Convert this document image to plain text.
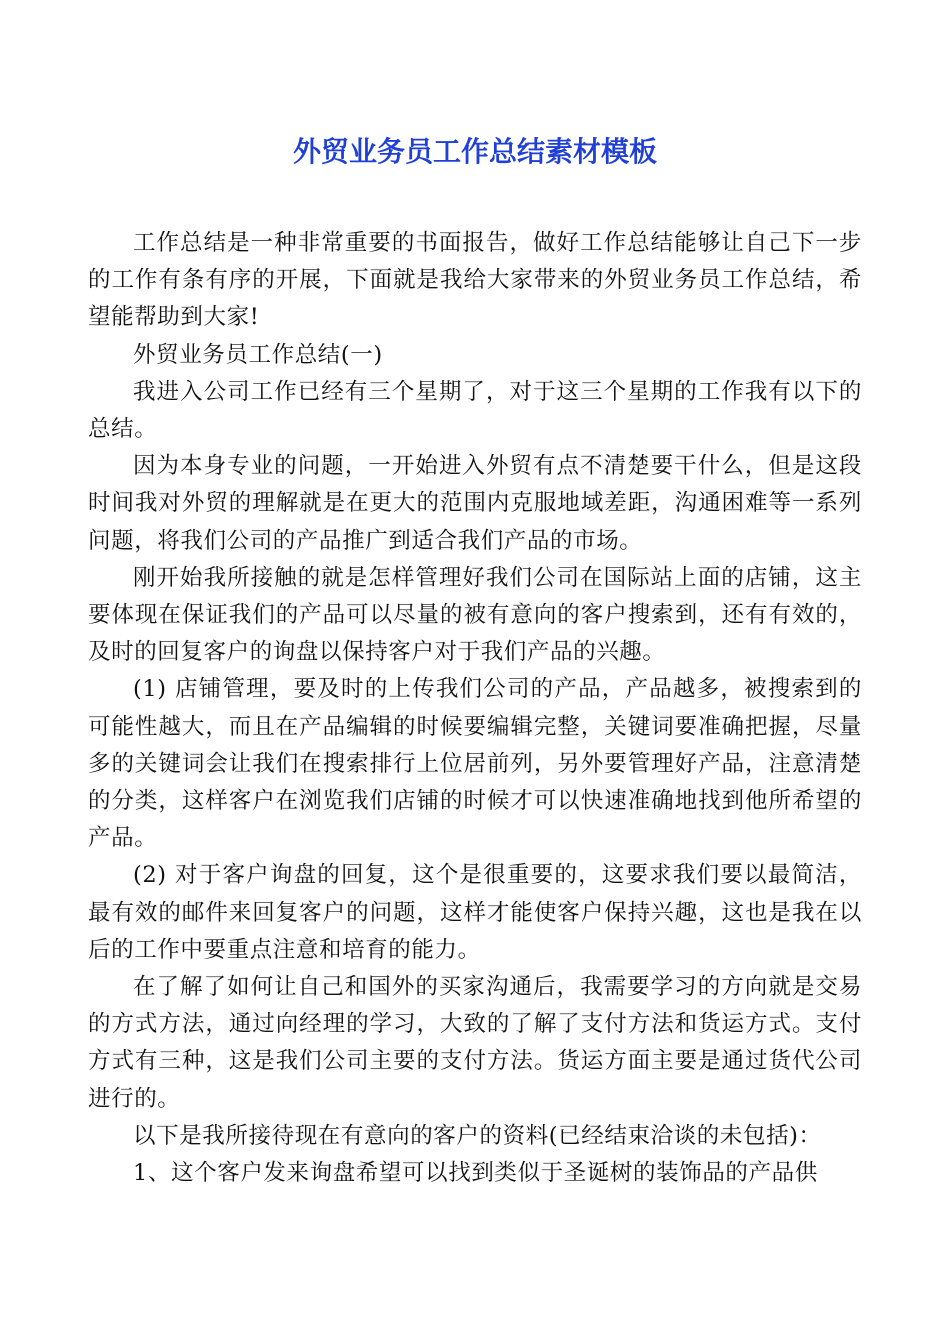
外贸业务员工作总结素材模板

工作总结是一种非常重要的书面报告，做好工作总结能够让自己下一步的工作有条有序的开展，下面就是我给大家带来的外贸业务员工作总结，希望能帮助到大家!

外贸业务员工作总结(一)

我进入公司工作已经有三个星期了，对于这三个星期的工作我有以下的总结。

因为本身专业的问题，一开始进入外贸有点不清楚要干什么，但是这段时间我对外贸的理解就是在更大的范围内克服地域差距，沟通困难等一系列问题，将我们公司的产品推广到适合我们产品的市场。

刚开始我所接触的就是怎样管理好我们公司在国际站上面的店铺，这主要体现在保证我们的产品可以尽量的被有意向的客户搜索到，还有有效的，及时的回复客户的询盘以保持客户对于我们产品的兴趣。

(1) 店铺管理，要及时的上传我们公司的产品，产品越多，被搜索到的可能性越大，而且在产品编辑的时候要编辑完整，关键词要准确把握，尽量多的关键词会让我们在搜索排行上位居前列，另外要管理好产品，注意清楚的分类，这样客户在浏览我们店铺的时候才可以快速准确地找到他所希望的产品。

(2) 对于客户询盘的回复，这个是很重要的，这要求我们要以最简洁，最有效的邮件来回复客户的问题，这样才能使客户保持兴趣，这也是我在以后的工作中要重点注意和培育的能力。

在了解了如何让自己和国外的买家沟通后，我需要学习的方向就是交易的方式方法，通过向经理的学习，大致的了解了支付方法和货运方式。支付方式有三种，这是我们公司主要的支付方法。货运方面主要是通过货代公司进行的。

以下是我所接待现在有意向的客户的资料(已经结束洽谈的未包括)：

1、这个客户发来询盘希望可以找到类似于圣诞树的装饰品的产品供
